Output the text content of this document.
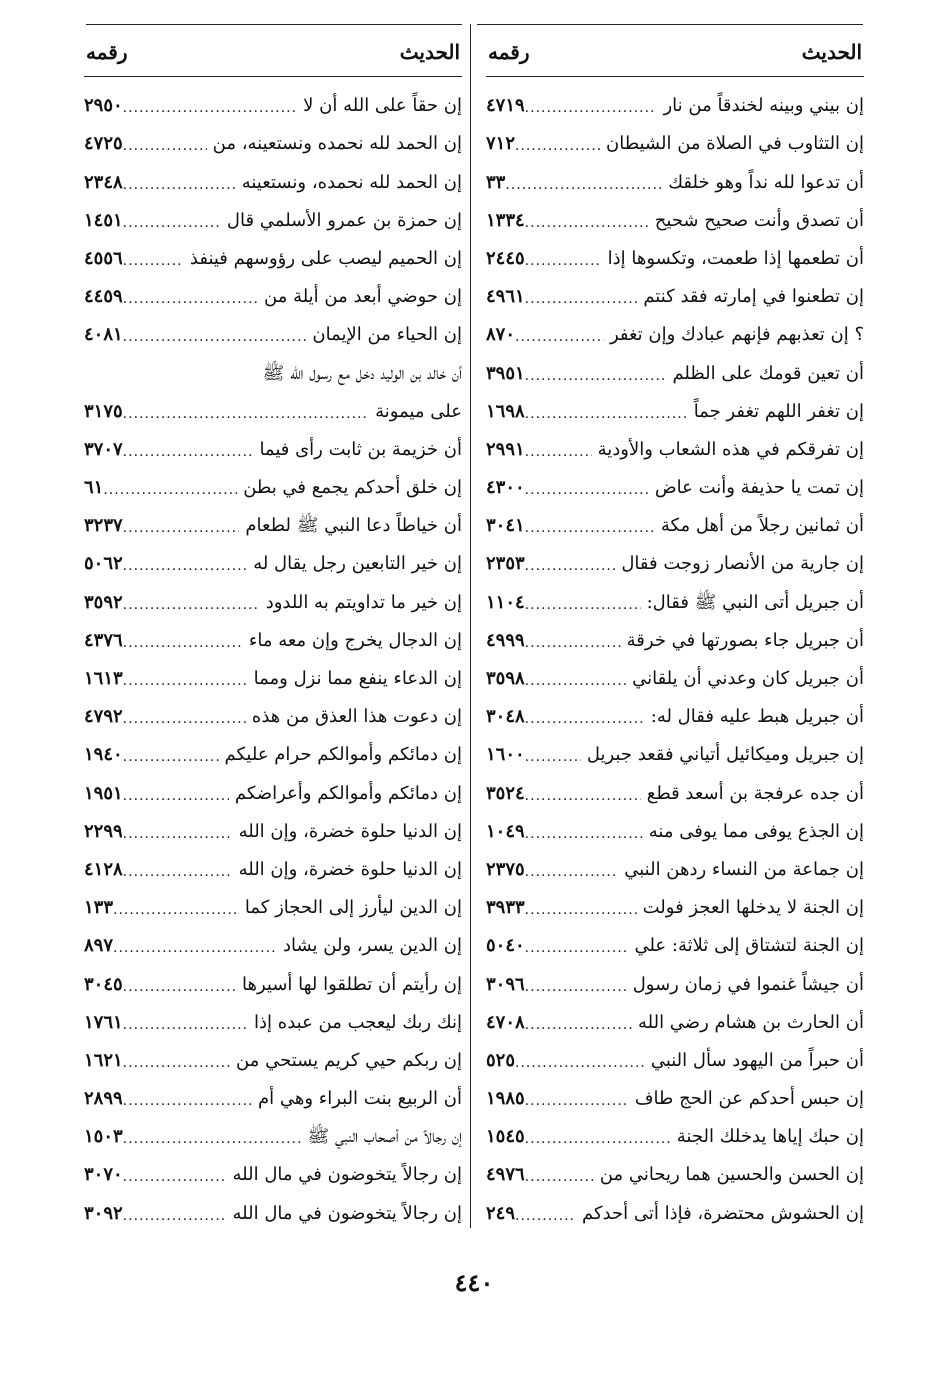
الحديث
رقمه
إن بيني وبينه لخندقاً من نار
.....
٤٧١٩
إن التثاوب في الصلاة من الشيطان
.....
٧١٢
أن تدعوا لله نداً وهو خلقك
.....
٣٣
أن تصدق وأنت صحيح شحيح
.....
١٣٣٤
أن تطعمها إذا طعمت، وتكسوها إذا
.....
٢٤٤٥
إن تطعنوا في إمارته فقد كنتم
.....
٤٩٦١
؟ إن تعذبهم فإنهم عبادك وإن تغفر
.....
٨٧٠
أن تعين قومك على الظلم
.....
٣٩٥١
إن تغفر اللهم تغفر جماً
.....
١٦٩٨
إن تفرقكم في هذه الشعاب والأودية
.....
٢٩٩١
إن تمت يا حذيفة وأنت عاض
.....
٤٣٠٠
أن ثمانين رجلاً من أهل مكة
.....
٣٠٤١
إن جارية من الأنصار زوجت فقال
.....
٢٣٥٣
أن جبريل أتى النبي ﷺ فقال:
.....
١١٠٤
أن جبريل جاء بصورتها في خرقة
.....
٤٩٩٩
أن جبريل كان وعدني أن يلقاني
.....
٣٥٩٨
أن جبريل هبط عليه فقال له:
.....
٣٠٤٨
إن جبريل وميكائيل أتياني فقعد جبريل
.....
١٦٠٠
أن جده عرفجة بن أسعد قطع
.....
٣٥٢٤
إن الجذع يوفى مما يوفى منه
.....
١٠٤٩
إن جماعة من النساء ردهن النبي
.....
٢٣٧٥
إن الجنة لا يدخلها العجز فولت
.....
٣٩٣٣
إن الجنة لتشتاق إلى ثلاثة: علي
.....
٥٠٤٠
أن جيشاً غنموا في زمان رسول
.....
٣٠٩٦
أن الحارث بن هشام رضي الله
.....
٤٧٠٨
أن حبراً من اليهود سأل النبي
.....
٥٢٥
إن حبس أحدكم عن الحج طاف
.....
١٩٨٥
إن حبك إياها يدخلك الجنة
.....
١٥٤٥
إن الحسن والحسين هما ريحاني من
.....
٤٩٧٦
إن الحشوش محتضرة، فإذا أتى أحدكم
.....
٢٤٩
الحديث
رقمه
إن حقاً على الله أن لا
.....
٢٩٥٠
إن الحمد لله نحمده ونستعينه، من
.....
٤٧٢٥
إن الحمد لله نحمده، ونستعينه
.....
٢٣٤٨
إن حمزة بن عمرو الأسلمي قال
.....
١٤٥١
إن الحميم ليصب على رؤوسهم فينفذ
.....
٤٥٥٦
إن حوضي أبعد من أيلة من
.....
٤٤٥٩
إن الحياء من الإيمان
.....
٤٠٨١
أن خالد بن الوليد دخل مع رسول الله ﷺ
على ميمونة
.....
٣١٧٥
أن خزيمة بن ثابت رأى فيما
.....
٣٧٠٧
إن خلق أحدكم يجمع في بطن
.....
٦١
أن خياطاً دعا النبي ﷺ لطعام
.....
٣٢٣٧
إن خير التابعين رجل يقال له
.....
٥٠٦٢
إن خير ما تداويتم به اللدود
.....
٣٥٩٢
إن الدجال يخرج وإن معه ماء
.....
٤٣٧٦
إن الدعاء ينفع مما نزل ومما
.....
١٦١٣
إن دعوت هذا العذق من هذه
.....
٤٧٩٢
إن دمائكم وأموالكم حرام عليكم
.....
١٩٤٠
إن دمائكم وأموالكم وأعراضكم
.....
١٩٥١
إن الدنيا حلوة خضرة، وإن الله
.....
٢٢٩٩
إن الدنيا حلوة خضرة، وإن الله
.....
٤١٢٨
إن الدين ليأرز إلى الحجاز كما
.....
١٣٣
إن الدين يسر، ولن يشاد
.....
٨٩٧
إن رأيتم أن تطلقوا لها أسيرها
.....
٣٠٤٥
إنك ربك ليعجب من عبده إذا
.....
١٧٦١
إن ربكم حيي كريم يستحي من
.....
١٦٢١
أن الربيع بنت البراء وهي أم
.....
٢٨٩٩
إن رجالاً من أصحاب النبي ﷺ
.....
١٥٠٣
إن رجالاً يتخوضون في مال الله
.....
٣٠٧٠
إن رجالاً يتخوضون في مال الله
.....
٣٠٩٢
٤٤٠
